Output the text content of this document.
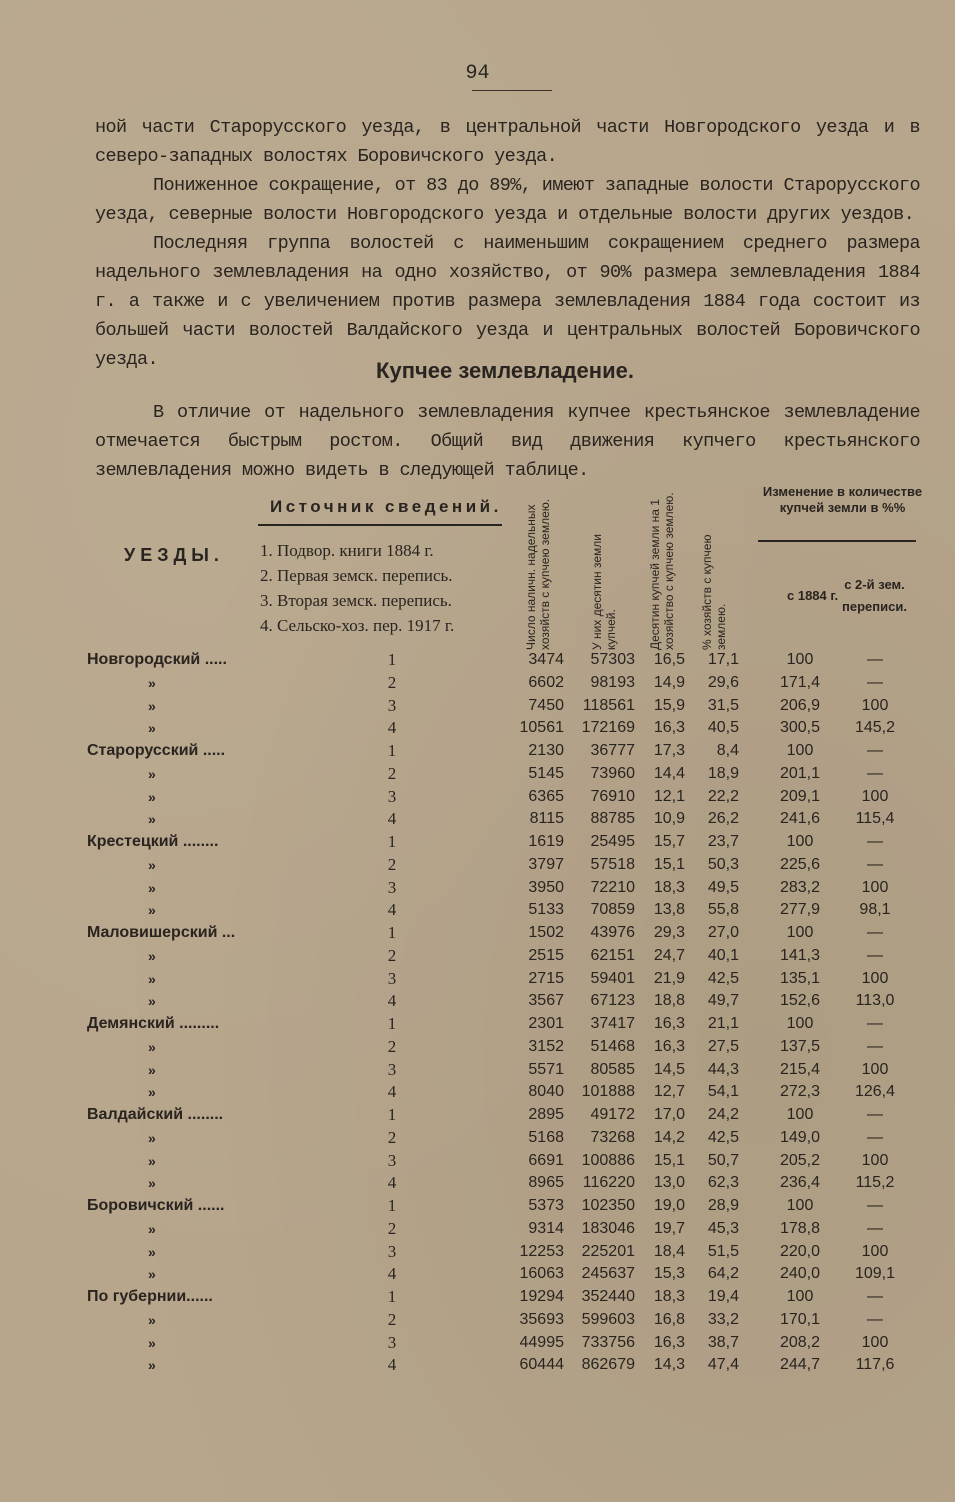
94
ной части Старорусского уезда, в центральной части Новгородского уезда и в северо-западных волостях Боровичского уезда.
Пониженное сокращение, от 83 до 89%, имеют западные волости Старорусского уезда, северные волости Новгородского уезда и отдельные волости других уездов.
Последняя группа волостей с наименьшим сокращением среднего размера надельного землевладения на одно хозяйство, от 90% размера землевладения 1884 г. а также и с увеличением против размера землевладения 1884 года состоит из большей части волостей Валдайского уезда и центральных волостей Боровичского уезда.	Купчее землевладение.
В отличие от надельного землевладения купчее крестьянское землевладение отмечается быстрым ростом. Общий вид движения купчего крестьянского землевладения можно видеть в следующей таблице.
УЕЗДЫ.
Источник сведений.
1. Подвор. книги 1884 г.
2. Первая земск. перепись.
3. Вторая земск. перепись.
4. Сельско-хоз. пер. 1917 г.	Число наличн. надельных хозяйств с купчею землею.	У них десятин земли купчей.	Десятин купчей земли на 1 хозяйство с купчею землею.	% хозяйств с купчею землею.
Изменение в количестве купчей земли в %%
с 1884 г.
с 2-й зем. переписи.
Новгородский .....	1	3474	57303	16,5	17,1	100	—
»	2	6602	98193	14,9	29,6	171,4	—
»	3	7450	118561	15,9	31,5	206,9	100
»	4	10561	172169	16,3	40,5	300,5	145,2
Старорусский .....	1	2130	36777	17,3	8,4	100	—
»	2	5145	73960	14,4	18,9	201,1	—
»	3	6365	76910	12,1	22,2	209,1	100
»	4	8115	88785	10,9	26,2	241,6	115,4
Крестецкий ........	1	1619	25495	15,7	23,7	100	—
»	2	3797	57518	15,1	50,3	225,6	—
»	3	3950	72210	18,3	49,5	283,2	100
»	4	5133	70859	13,8	55,8	277,9	98,1
Маловишерский ...	1	1502	43976	29,3	27,0	100	—
»	2	2515	62151	24,7	40,1	141,3	—
»	3	2715	59401	21,9	42,5	135,1	100
»	4	3567	67123	18,8	49,7	152,6	113,0
Демянский .........	1	2301	37417	16,3	21,1	100	—
»	2	3152	51468	16,3	27,5	137,5	—
»	3	5571	80585	14,5	44,3	215,4	100
»	4	8040	101888	12,7	54,1	272,3	126,4
Валдайский ........	1	2895	49172	17,0	24,2	100	—
»	2	5168	73268	14,2	42,5	149,0	—
»	3	6691	100886	15,1	50,7	205,2	100
»	4	8965	116220	13,0	62,3	236,4	115,2
Боровичский ......	1	5373	102350	19,0	28,9	100	—
»	2	9314	183046	19,7	45,3	178,8	—
»	3	12253	225201	18,4	51,5	220,0	100
»	4	16063	245637	15,3	64,2	240,0	109,1
По губернии......	1	19294	352440	18,3	19,4	100	—
»	2	35693	599603	16,8	33,2	170,1	—
»	3	44995	733756	16,3	38,7	208,2	100
»	4	60444	862679	14,3	47,4	244,7	117,6
